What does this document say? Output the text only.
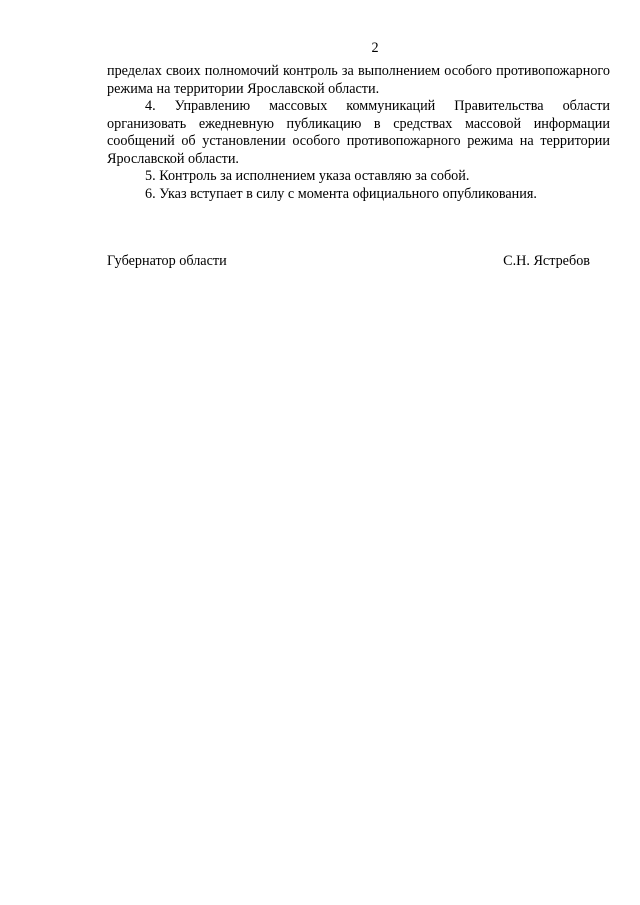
2

пределах своих полномочий контроль за выполнением особого противопожарного режима на территории Ярославской области.

4. Управлению массовых коммуникаций Правительства области организовать ежедневную публикацию в средствах массовой информации сообщений об установлении особого противопожарного режима на территории Ярославской области.

5. Контроль за исполнением указа оставляю за собой.

6. Указ вступает в силу с момента официального опубликования.

Губернатор области	С.Н. Ястребов
